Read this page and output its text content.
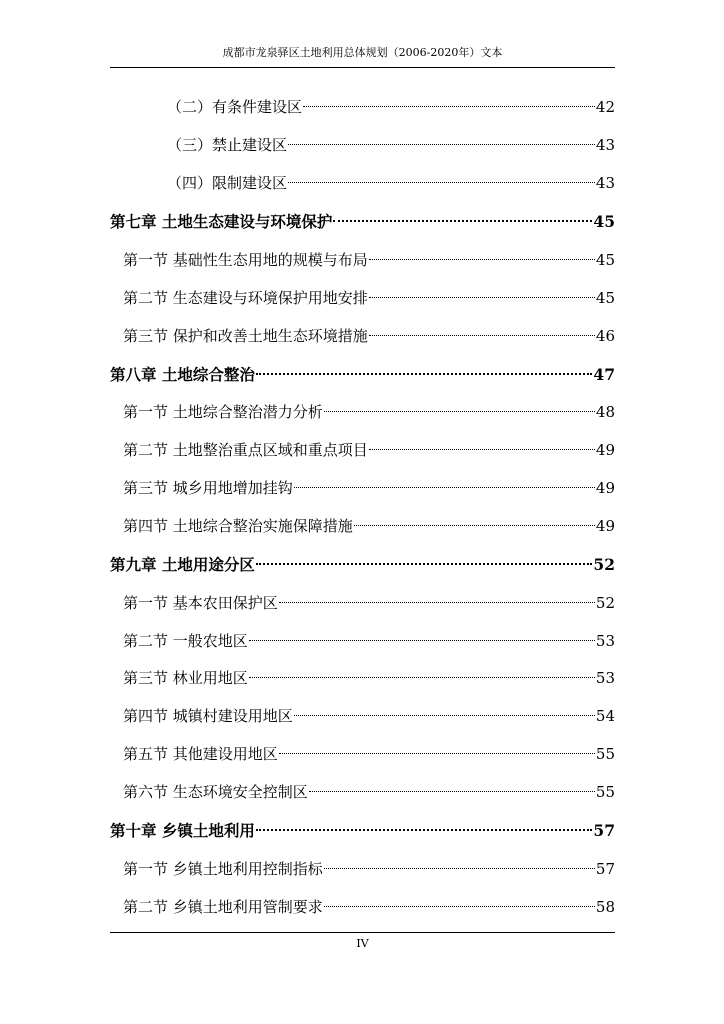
成都市龙泉驿区土地利用总体规划（2006-2020年）文本
（二）有条件建设区	42
（三）禁止建设区	43
（四）限制建设区	43
第七章 土地生态建设与环境保护	45
第一节 基础性生态用地的规模与布局	45
第二节 生态建设与环境保护用地安排	45
第三节 保护和改善土地生态环境措施	46
第八章 土地综合整治	47
第一节 土地综合整治潜力分析	48
第二节 土地整治重点区域和重点项目	49
第三节 城乡用地增加挂钩	49
第四节 土地综合整治实施保障措施	49
第九章 土地用途分区	52
第一节 基本农田保护区	52
第二节 一般农地区	53
第三节 林业用地区	53
第四节 城镇村建设用地区	54
第五节 其他建设用地区	55
第六节 生态环境安全控制区	55
第十章 乡镇土地利用	57
第一节 乡镇土地利用控制指标	57
第二节 乡镇土地利用管制要求	58
IV
